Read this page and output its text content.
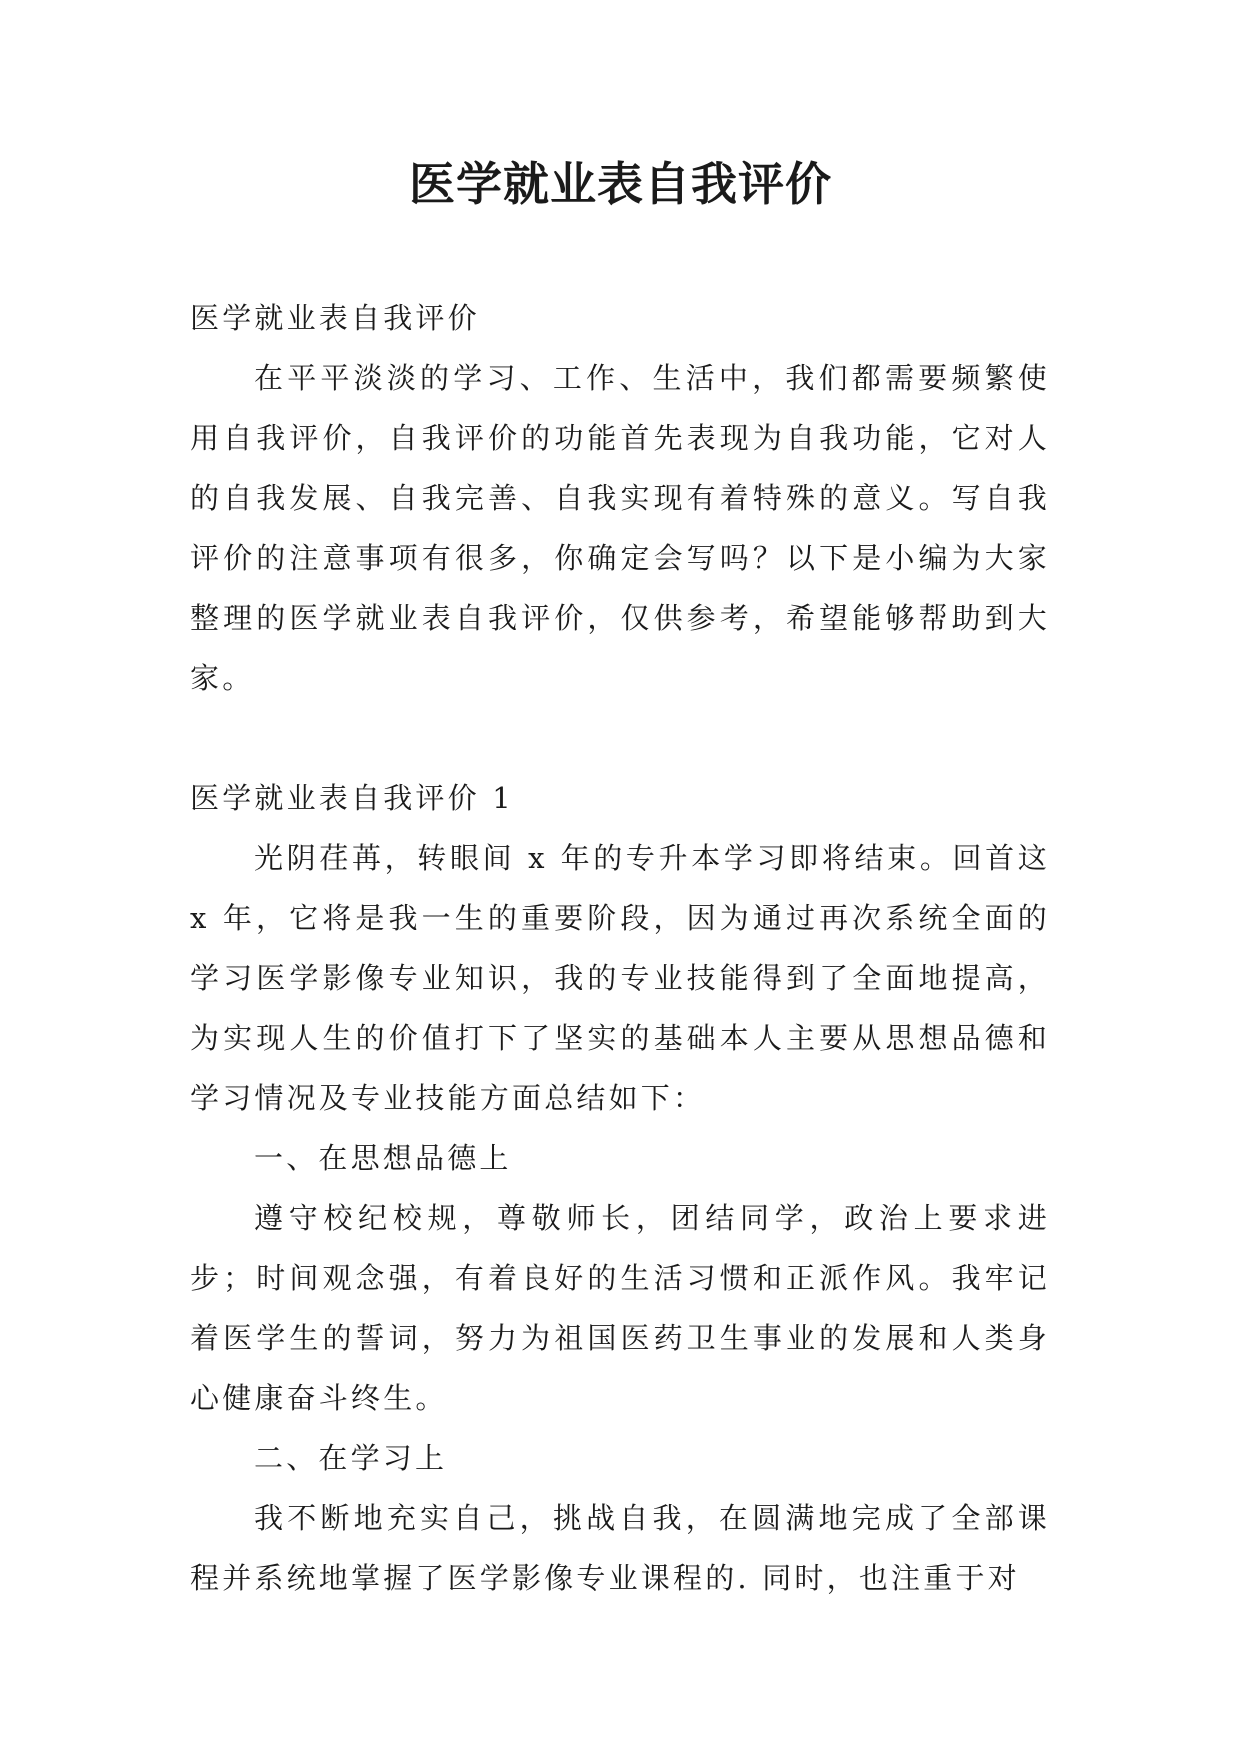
医学就业表自我评价

医学就业表自我评价

在平平淡淡的学习、工作、生活中，我们都需要频繁使用自我评价，自我评价的功能首先表现为自我功能，它对人的自我发展、自我完善、自我实现有着特殊的意义。写自我评价的注意事项有很多，你确定会写吗？以下是小编为大家整理的医学就业表自我评价，仅供参考，希望能够帮助到大家。

医学就业表自我评价 1

光阴荏苒，转眼间 x 年的专升本学习即将结束。回首这 x 年，它将是我一生的重要阶段，因为通过再次系统全面的学习医学影像专业知识，我的专业技能得到了全面地提高，为实现人生的价值打下了坚实的基础本人主要从思想品德和学习情况及专业技能方面总结如下：

一、在思想品德上

遵守校纪校规，尊敬师长，团结同学，政治上要求进步；时间观念强，有着良好的生活习惯和正派作风。我牢记着医学生的誓词，努力为祖国医药卫生事业的发展和人类身心健康奋斗终生。

二、在学习上

我不断地充实自己，挑战自我，在圆满地完成了全部课程并系统地掌握了医学影像专业课程的. 同时，也注重于对
